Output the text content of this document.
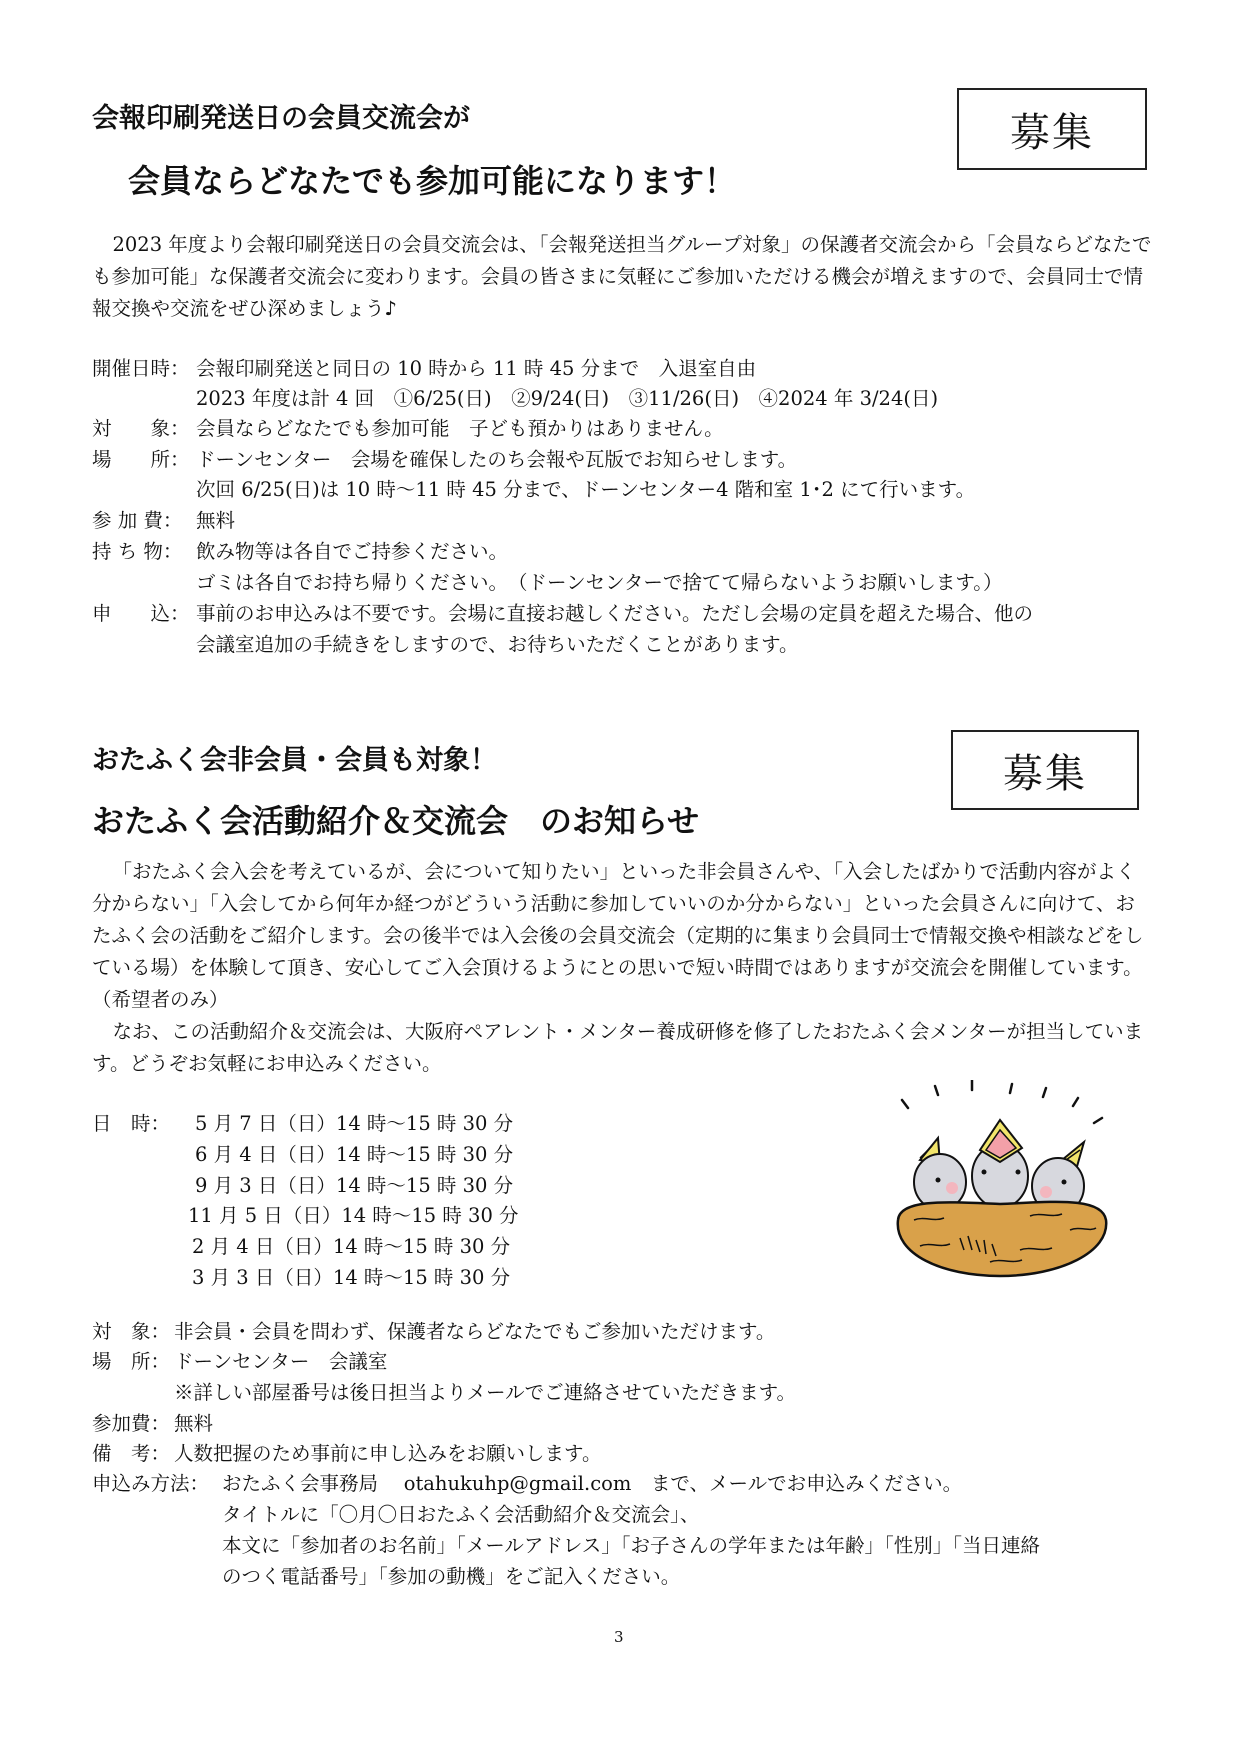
会報印刷発送日の会員交流会が
会員ならどなたでも参加可能になります！
募集

2023 年度より会報印刷発送日の会員交流会は、「会報発送担当グループ対象」の保護者交流会から「会員ならどなたでも参加可能」な保護者交流会に変わります。会員の皆さまに気軽にご参加いただける機会が増えますので、会員同士で情報交換や交流をぜひ深めましょう♪

開催日時： 会報印刷発送と同日の 10 時から 11 時 45 分まで　入退室自由
2023 年度は計 4 回　①6/25(日)　②9/24(日)　③11/26(日)　④2024 年 3/24(日)
対　　象： 会員ならどなたでも参加可能　子ども預かりはありません。
場　　所： ドーンセンター　会場を確保したのち会報や瓦版でお知らせします。
次回 6/25(日)は 10 時～11 時 45 分まで、ドーンセンター4 階和室 1･2 にて行います。
参 加 費： 無料
持 ち 物： 飲み物等は各自でご持参ください。
ゴミは各自でお持ち帰りください。　（ドーンセンターで捨てて帰らないようお願いします。）
申　　込： 事前のお申込みは不要です。会場に直接お越しください。ただし会場の定員を超えた場合、他の
会議室追加の手続きをしますので、お待ちいただくことがあります。
おたふく会非会員・会員も対象！
おたふく会活動紹介＆交流会　のお知らせ
募集

「おたふく会入会を考えているが、会について知りたい」といった非会員さんや、「入会したばかりで活動内容がよく分からない」「入会してから何年か経つがどういう活動に参加していいのか分からない」といった会員さんに向けて、おたふく会の活動をご紹介します。会の後半では入会後の会員交流会（定期的に集まり会員同士で情報交換や相談などをしている場）を体験して頂き、安心してご入会頂けるようにとの思いで短い時間ではありますが交流会を開催しています。（希望者のみ）

なお、この活動紹介＆交流会は、大阪府ペアレント・メンター養成研修を修了したおたふく会メンターが担当しています。どうぞお気軽にお申込みください。

日　時： 5 月 7 日（日）14 時～15 時 30 分
6 月 4 日（日）14 時～15 時 30 分
9 月 3 日（日）14 時～15 時 30 分
11 月 5 日（日）14 時～15 時 30 分
2 月 4 日（日）14 時～15 時 30 分
3 月 3 日（日）14 時～15 時 30 分
対　象： 非会員・会員を問わず、保護者ならどなたでもご参加いただけます。
場　所： ドーンセンター　会議室
※詳しい部屋番号は後日担当よりメールでご連絡させていただきます。
参加費： 無料
備　考： 人数把握のため事前に申し込みをお願いします。
申込み方法： おたふく会事務局　 otahukuhp@gmail.com　まで、メールでお申込みください。
タイトルに「〇月〇日おたふく会活動紹介＆交流会」、
本文に「参加者のお名前」「メールアドレス」「お子さんの学年または年齢」「性別」「当日連絡
のつく電話番号」「参加の動機」をご記入ください。
3
